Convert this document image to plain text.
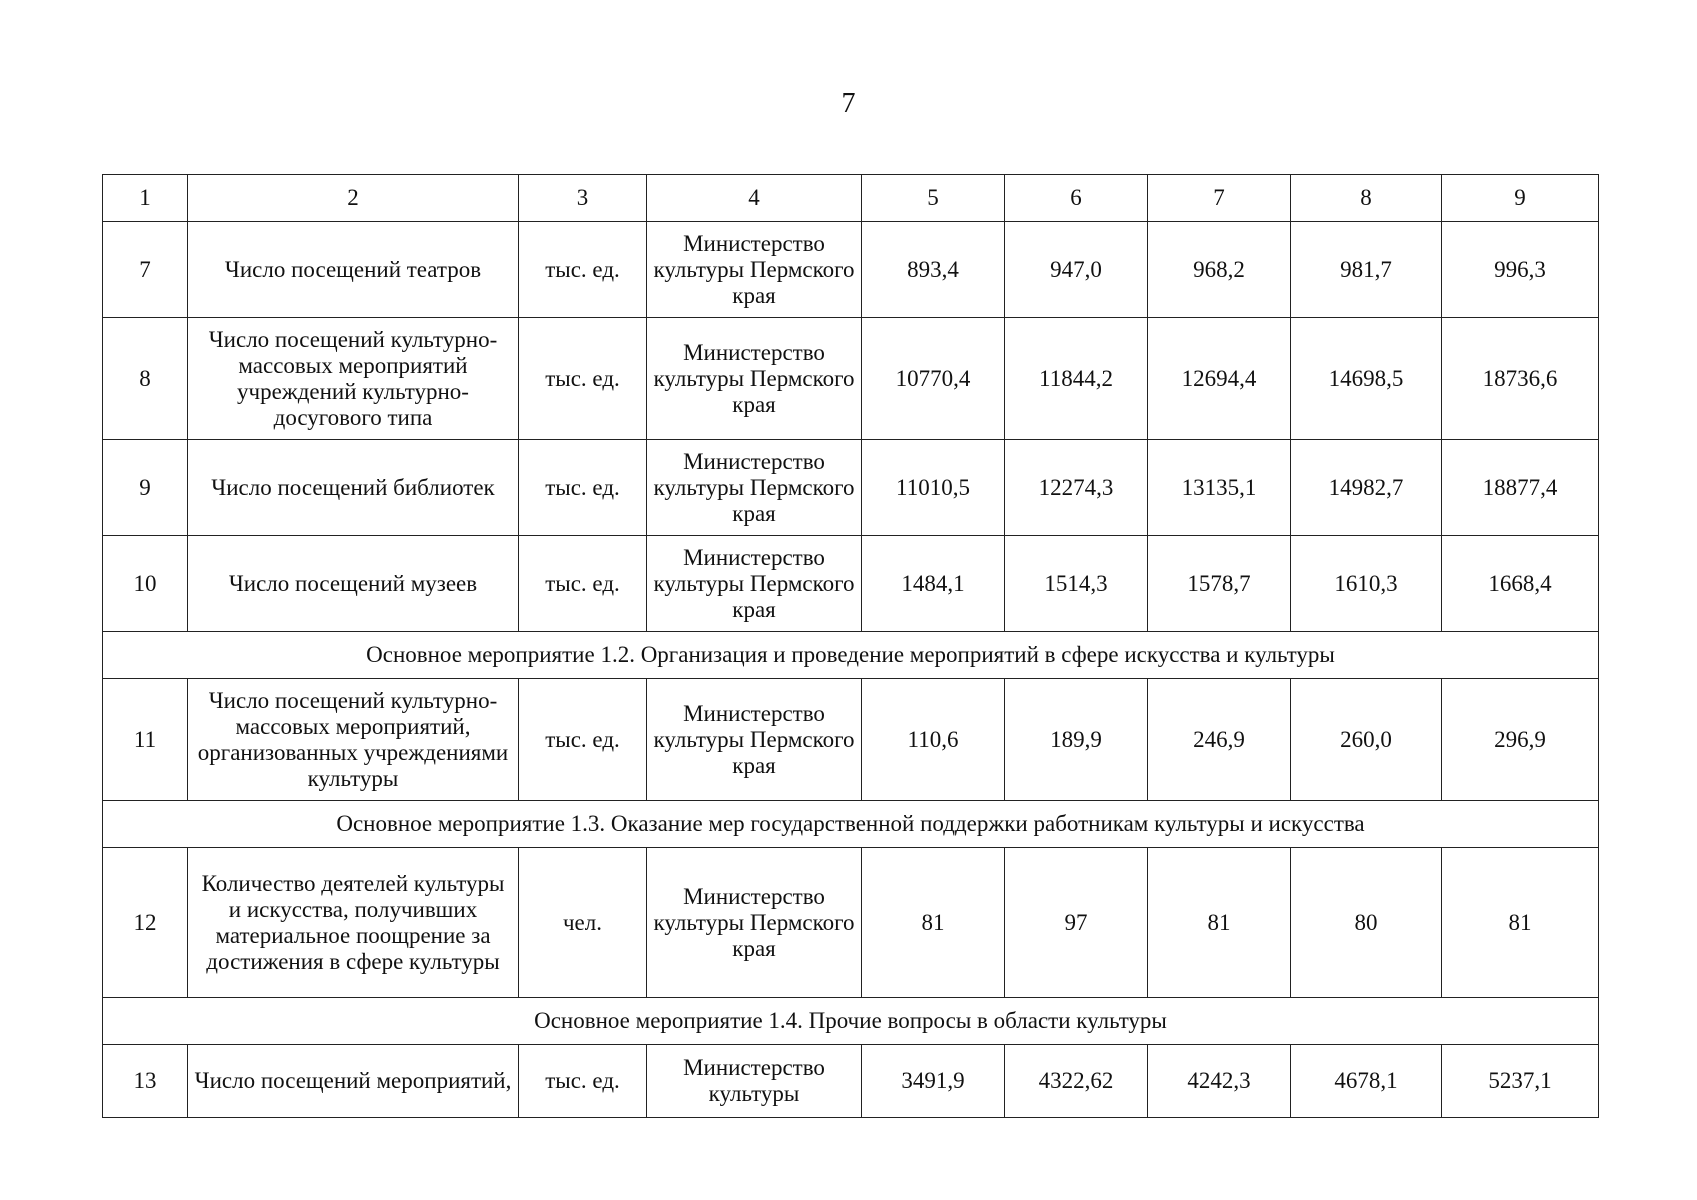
7
1	2	3	4	5	6	7	8	9
7	Число посещений театров	тыс. ед.	Министерство культуры Пермского края	893,4	947,0	968,2	981,7	996,3
8	Число посещений культурно-массовых мероприятий учреждений культурно-досугового типа	тыс. ед.	Министерство культуры Пермского края	10770,4	11844,2	12694,4	14698,5	18736,6
9	Число посещений библиотек	тыс. ед.	Министерство культуры Пермского края	11010,5	12274,3	13135,1	14982,7	18877,4
10	Число посещений музеев	тыс. ед.	Министерство культуры Пермского края	1484,1	1514,3	1578,7	1610,3	1668,4
Основное мероприятие 1.2. Организация и проведение мероприятий в сфере искусства и культуры								
11	Число посещений культурно-массовых мероприятий, организованных учреждениями культуры	тыс. ед.	Министерство культуры Пермского края	110,6	189,9	246,9	260,0	296,9
Основное мероприятие 1.3. Оказание мер государственной поддержки работникам культуры и искусства								
12	Количество деятелей культуры и искусства, получивших материальное поощрение за достижения в сфере культуры	чел.	Министерство культуры Пермского края	81	97	81	80	81
Основное мероприятие 1.4. Прочие вопросы в области культуры								
13	Число посещений мероприятий,	тыс. ед.	Министерство культуры	3491,9	4322,62	4242,3	4678,1	5237,1
